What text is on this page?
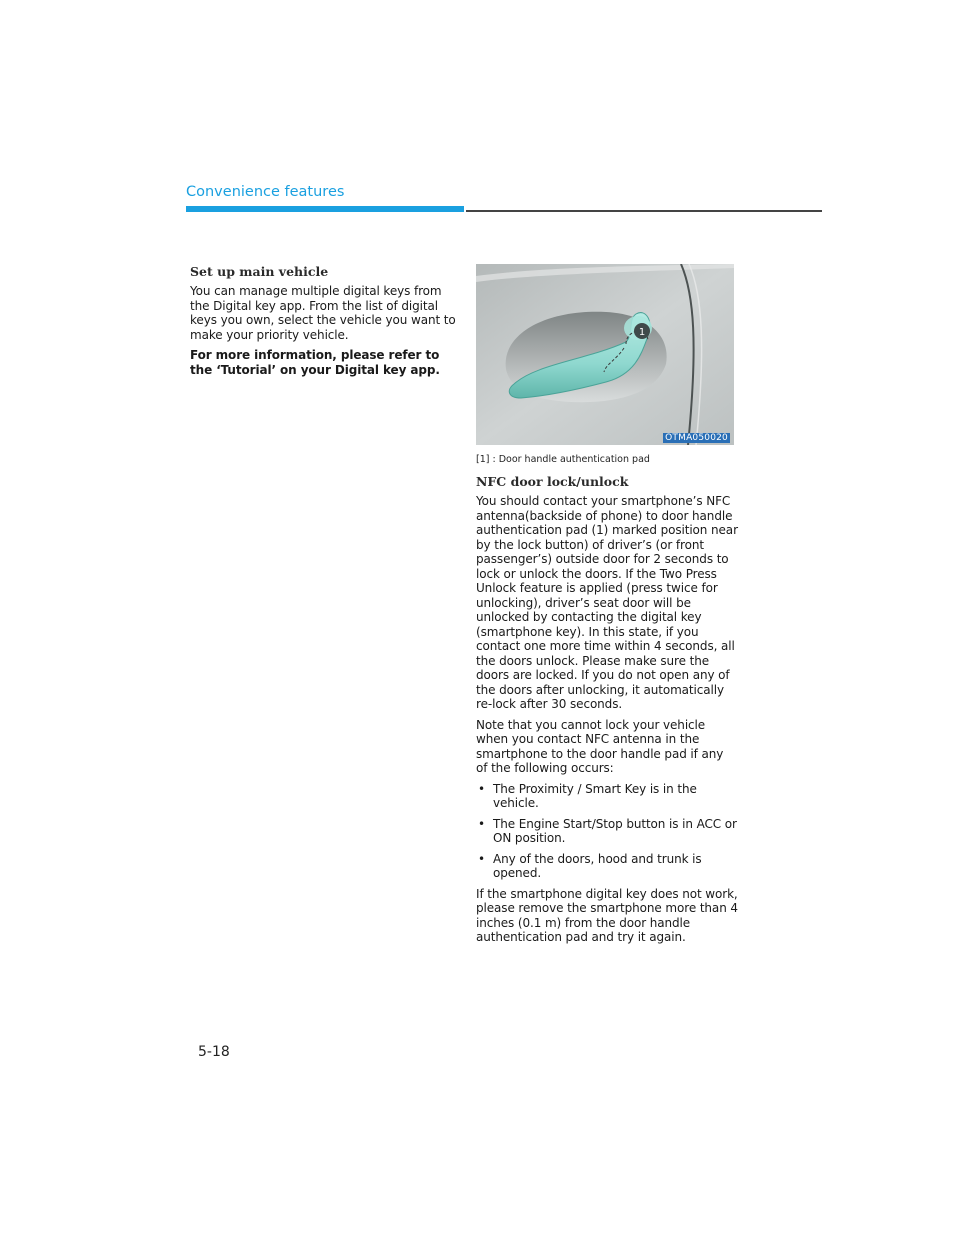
Convenience features
Set up main vehicle

You can manage multiple digital keys from the Digital key app. From the list of digital keys you own, select the vehicle you want to make your priority vehicle.

For more information, please refer to the ‘Tutorial’ on your Digital key app.

1
OTMA050020
[1] : Door handle authentication pad
NFC door lock/unlock

You should contact your smartphone’s NFC antenna(backside of phone) to door handle authentication pad (1) marked position near by the lock button) of driver’s (or front passenger’s) outside door for 2 seconds to lock or unlock the doors. If the Two Press Unlock feature is applied (press twice for unlocking), driver’s seat door will be unlocked by contacting the digital key (smartphone key). In this state, if you contact one more time within 4 seconds, all the doors unlock. Please make sure the doors are locked. If you do not open any of the doors after unlocking, it automatically re-lock after 30 seconds.

Note that you cannot lock your vehicle when you contact NFC antenna in the smartphone to the door handle pad if any of the following occurs:

• The Proximity / Smart Key is in the vehicle.
• The Engine Start/Stop button is in ACC or ON position.
• Any of the doors, hood and trunk is opened.

If the smartphone digital key does not work, please remove the smartphone more than 4 inches (0.1 m) from the door handle authentication pad and try it again.

5-18
